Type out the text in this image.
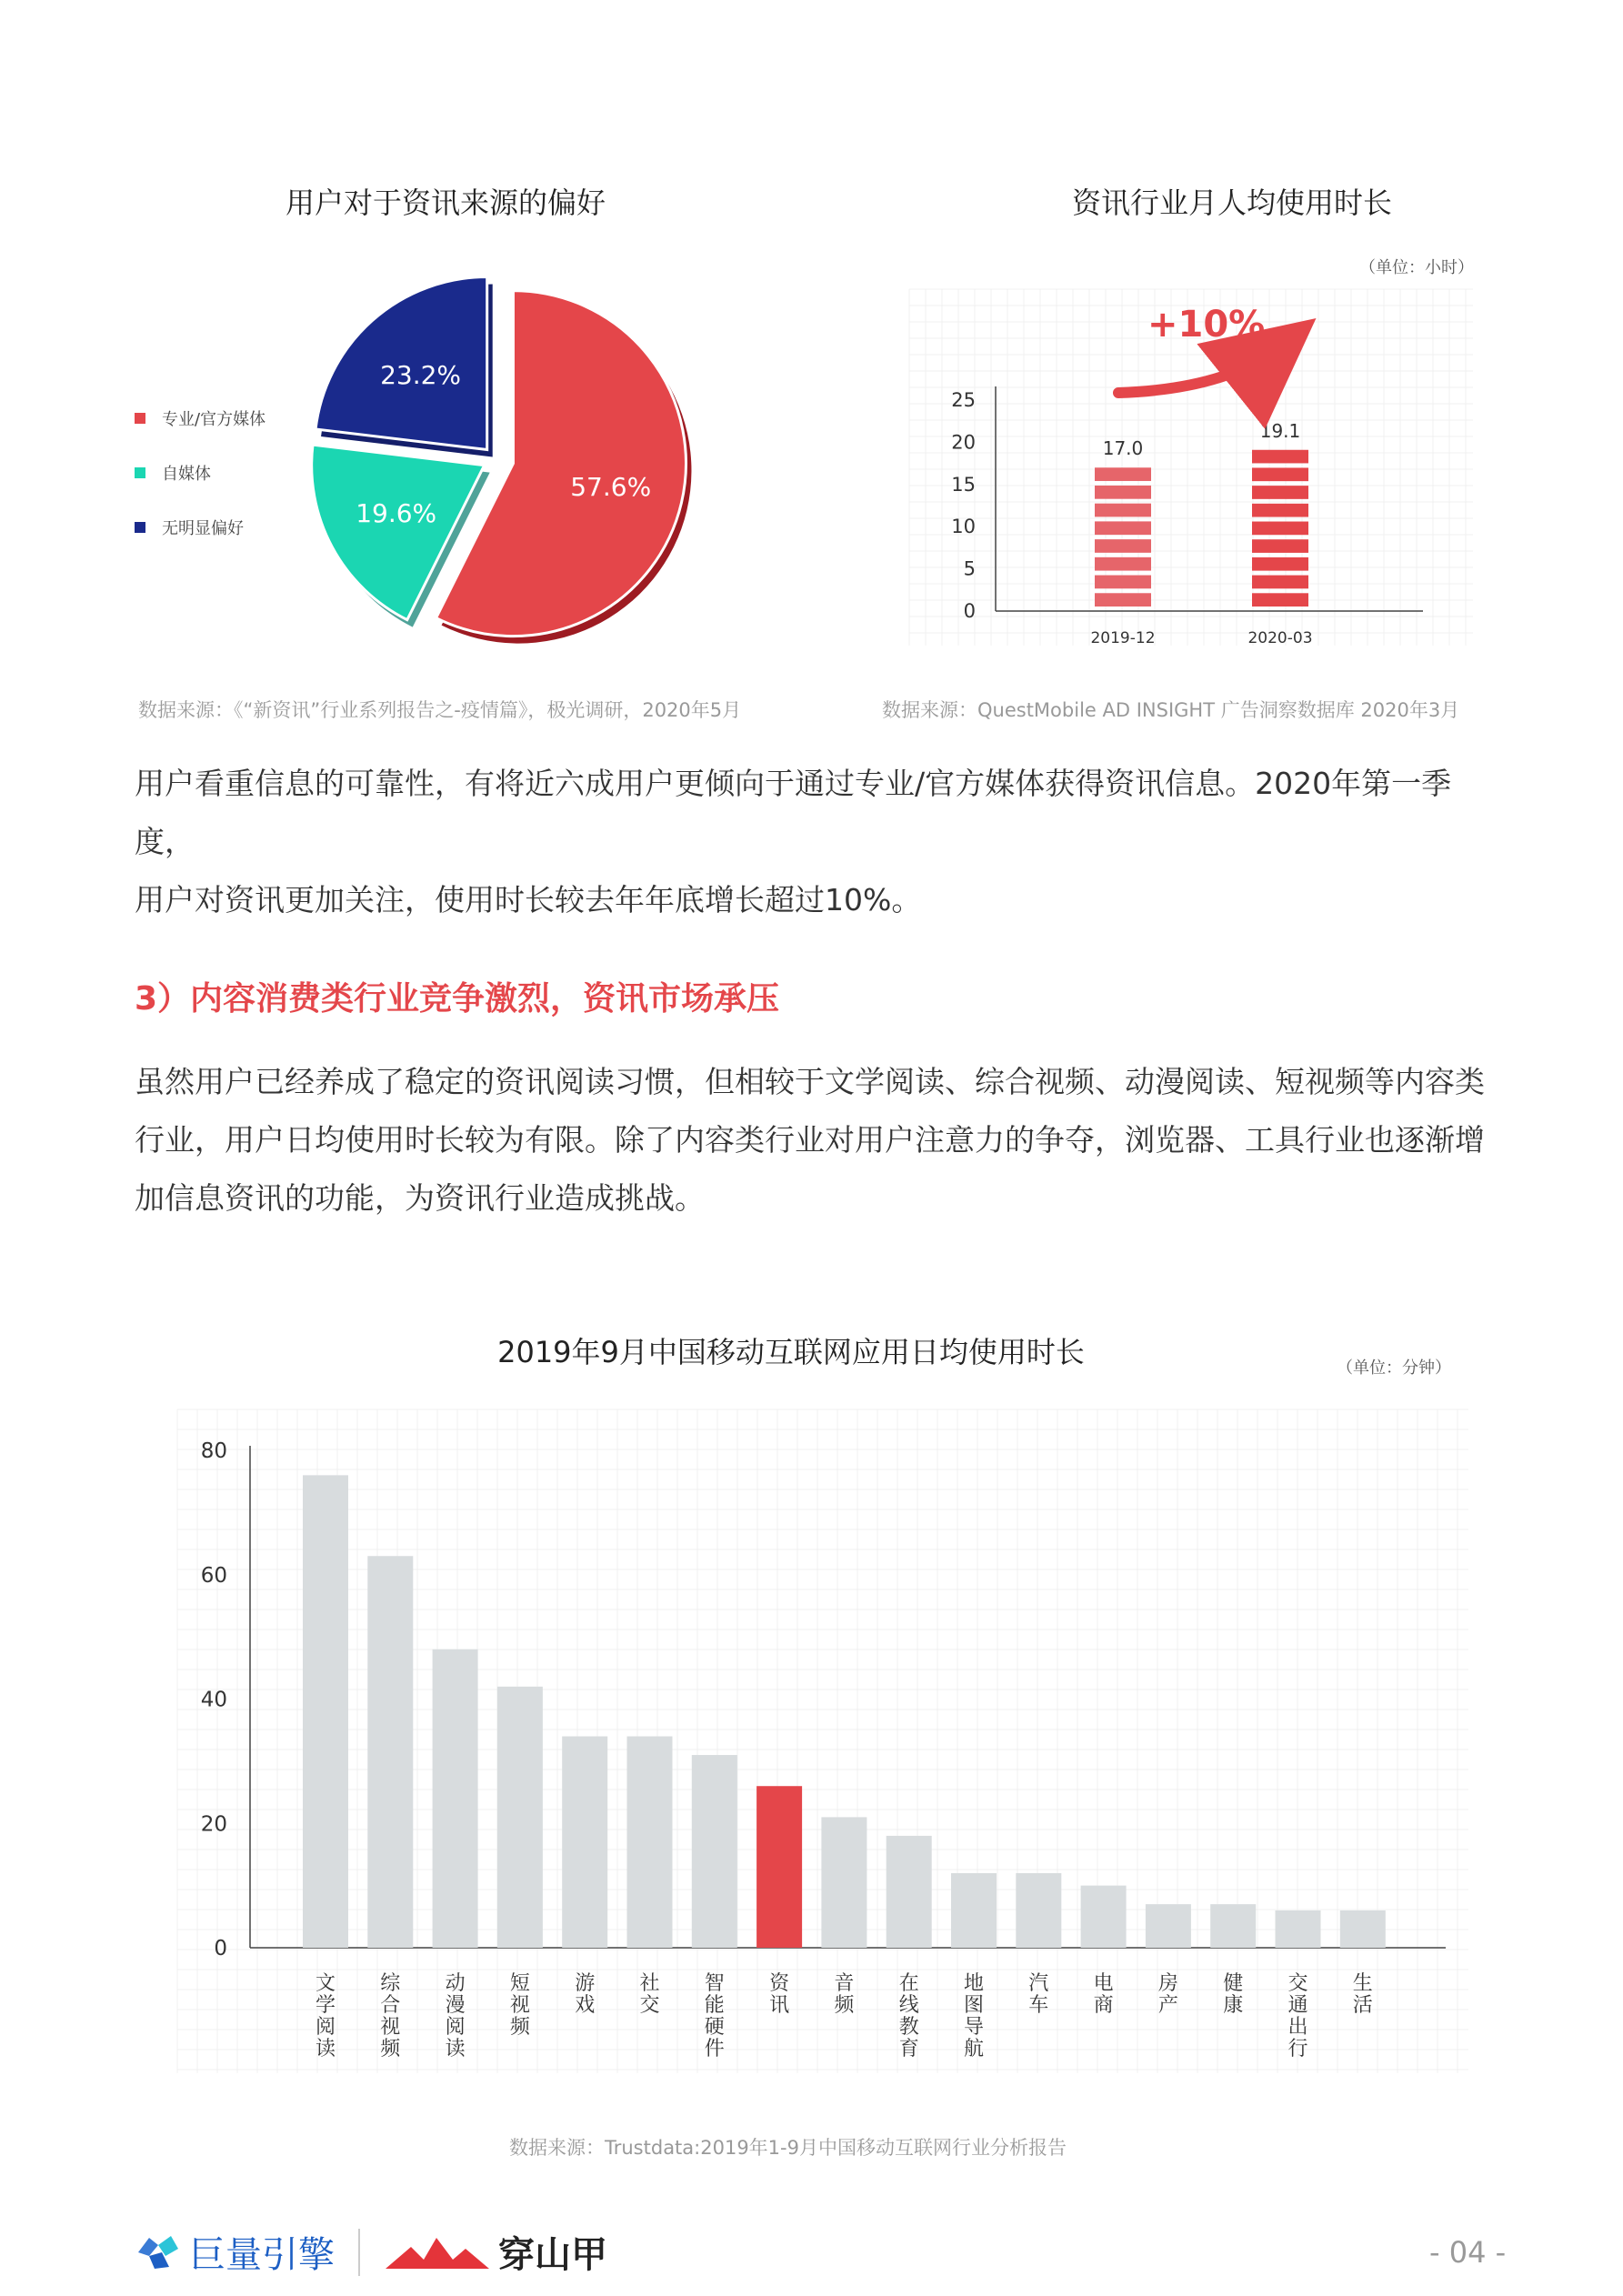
用户对于资讯来源的偏好
专业/官方媒体
自媒体
无明显偏好
57.6%
19.6%
23.2%
数据来源：《“新资讯”行业系列报告之-疫情篇》，极光调研，2020年5月
资讯行业月人均使用时长
（单位：小时）
0
5
10
15
20
25
17.0
2019-12
19.1
2020-03
+10%
数据来源：QuestMobile AD INSIGHT 广告洞察数据库 2020年3月
用户看重信息的可靠性，有将近六成用户更倾向于通过专业/官方媒体获得资讯信息。2020年第一季度，
用户对资讯更加关注，使用时长较去年年底增长超过10%。
3）内容消费类行业竞争激烈，资讯市场承压
虽然用户已经养成了稳定的资讯阅读习惯，但相较于文学阅读、综合视频、动漫阅读、短视频等内容类
行业，用户日均使用时长较为有限。除了内容类行业对用户注意力的争夺，浏览器、工具行业也逐渐增
加信息资讯的功能，为资讯行业造成挑战。
2019年9月中国移动互联网应用日均使用时长	（单位：分钟）
0
20
40
60
80
文学阅读
综合视频
动漫阅读
短视频
游戏
社交
智能硬件
资讯
音频
在线教育
地图导航
汽车
电商
房产
健康
交通出行
生活
数据来源：Trustdata:2019年1-9月中国移动互联网行业分析报告
巨量引擎	穿山甲	- 04 -
